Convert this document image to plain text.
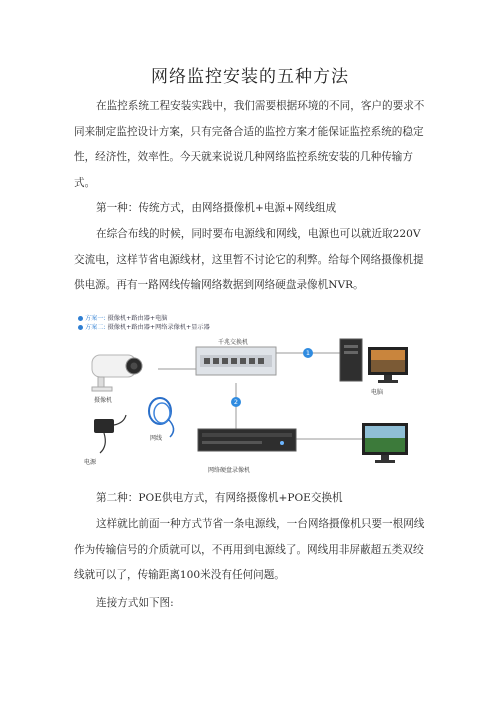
网络监控安装的五种方法
在监控系统工程安装实践中，我们需要根据环境的不同，客户的要求不同来制定监控设计方案，只有完备合适的监控方案才能保证监控系统的稳定性，经济性，效率性。今天就来说说几种网络监控系统安装的几种传输方式。
第一种：传统方式，由网络摄像机+电源+网线组成
在综合布线的时候，同时要布电源线和网线，电源也可以就近取220V交流电，这样节省电源线材，这里暂不讨论它的利弊。给每个网络摄像机提供电源。再有一路网线传输网络数据到网络硬盘录像机NVR。
方案一: 摄像机+路由器+电脑
方案二: 摄像机+路由器+网络录像机+显示器
千兆交换机
摄像机
网线
电源
电脑
网络硬盘录像机
1
2
第二种：POE供电方式，有网络摄像机+POE交换机
这样就比前面一种方式节省一条电源线，一台网络摄像机只要一根网线作为传输信号的介质就可以，不再用到电源线了。网线用非屏蔽超五类双绞线就可以了，传输距离100米没有任何问题。
连接方式如下图:
